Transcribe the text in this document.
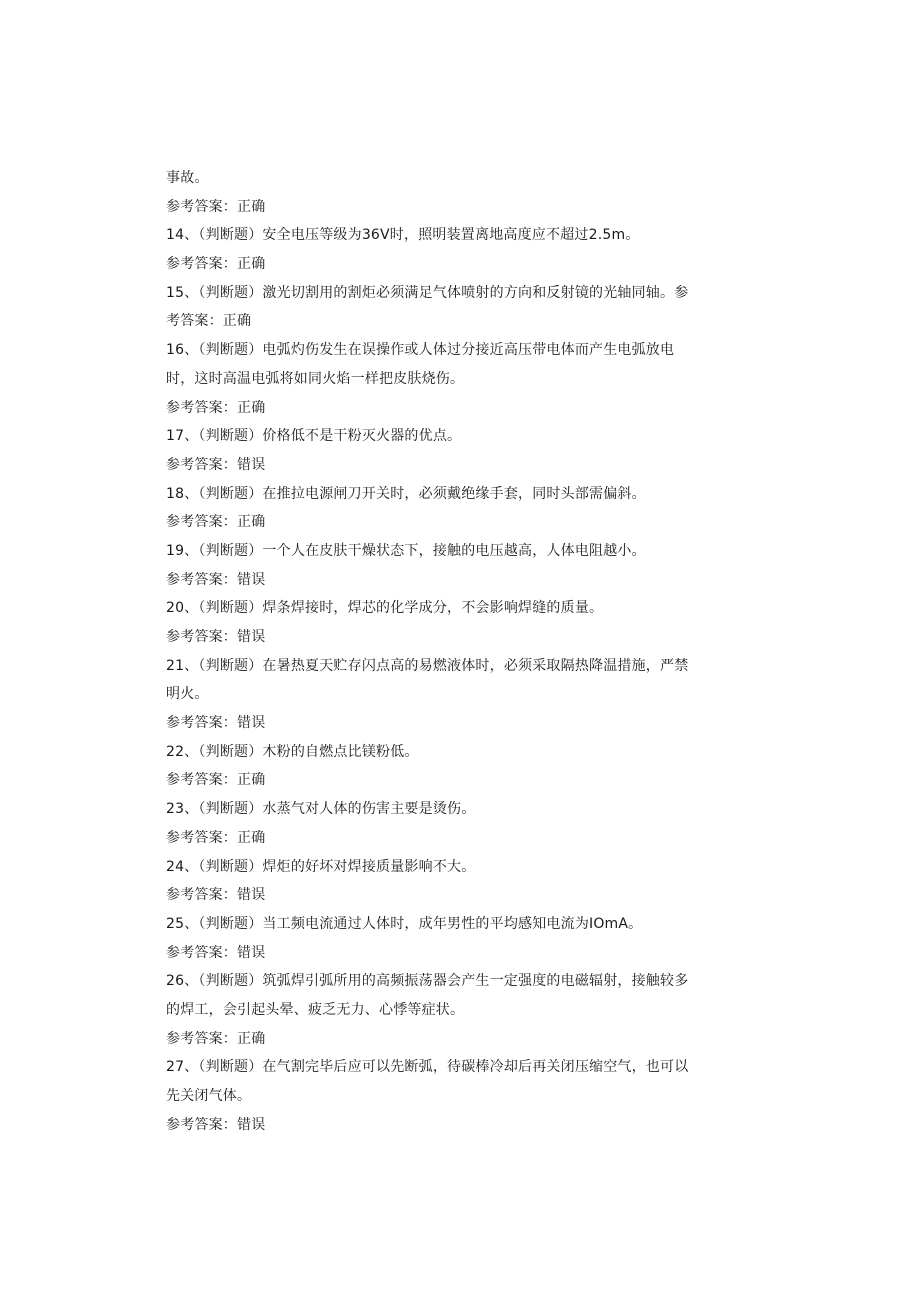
事故。
参考答案：正确
14、（判断题）安全电压等级为36V时，照明装置离地高度应不超过2.5m。
参考答案：正确
15、（判断题）激光切割用的割炬必须满足气体喷射的方向和反射镜的光轴同轴。参
考答案：正确
16、（判断题）电弧灼伤发生在误操作或人体过分接近高压带电体而产生电弧放电
时，这时高温电弧将如同火焰一样把皮肤烧伤。
参考答案：正确
17、（判断题）价格低不是干粉灭火器的优点。
参考答案：错误
18、（判断题）在推拉电源闸刀开关时，必须戴绝缘手套，同时头部需偏斜。
参考答案：正确
19、（判断题）一个人在皮肤干燥状态下，接触的电压越高，人体电阻越小。
参考答案：错误
20、（判断题）焊条焊接时，焊芯的化学成分，不会影响焊缝的质量。
参考答案：错误
21、（判断题）在暑热夏天贮存闪点高的易燃液体时，必须采取隔热降温措施，严禁
明火。
参考答案：错误
22、（判断题）木粉的自燃点比镁粉低。
参考答案：正确
23、（判断题）水蒸气对人体的伤害主要是烫伤。
参考答案：正确
24、（判断题）焊炬的好坏对焊接质量影响不大。
参考答案：错误
25、（判断题）当工频电流通过人体时，成年男性的平均感知电流为IOmA。
参考答案：错误
26、（判断题）筑弧焊引弧所用的高频振荡器会产生一定强度的电磁辐射，接触较多
的焊工，会引起头晕、疲乏无力、心悸等症状。
参考答案：正确
27、（判断题）在气割完毕后应可以先断弧，待碳棒冷却后再关闭压缩空气，也可以
先关闭气体。
参考答案：错误
